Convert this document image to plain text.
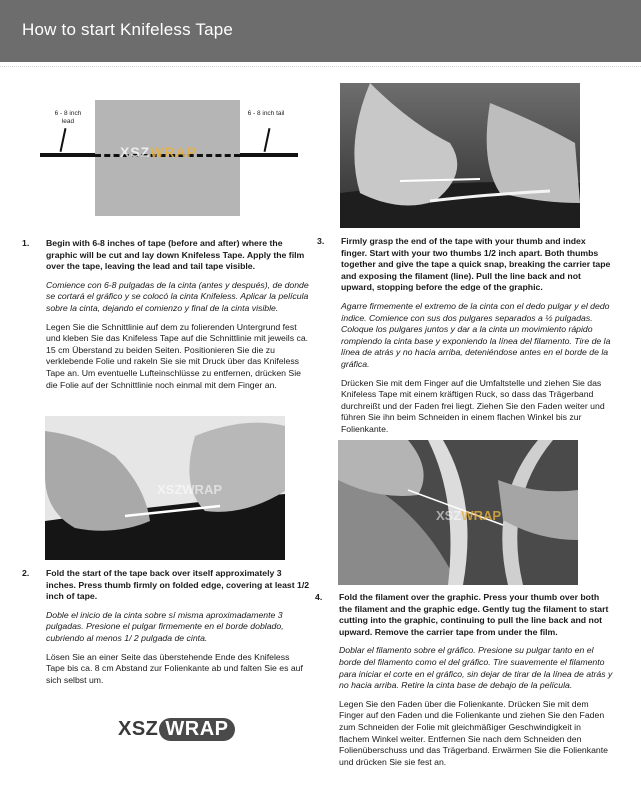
How to start Knifeless Tape
6 - 8 inch lead
6 - 8 inch tail
XSZWRAP
1. Begin with 6-8 inches of tape (before and after) where the graphic will be cut and lay down Knifeless Tape. Apply the film over the tape, leaving the lead and tail tape visible.

Comience con 6-8 pulgadas de la cinta (antes y después), de donde se cortará el gráfico y se colocó la cinta Knifeless. Aplicar la película sobre la cinta, dejando el comienzo y final de la cinta visible.

Legen Sie die Schnittlinie auf dem zu folierenden Untergrund fest und kleben Sie das Knifeless Tape auf die Schnittlinie mit jeweils ca. 15 cm Überstand zu beiden Seiten. Positionieren Sie die zu verklebende Folie und rakeln Sie sie mit Druck über das Knifeless Tape an. Um eventuelle Lufteinschlüsse zu entfernen, drücken Sie die Folie auf der Schnittlinie noch einmal mit dem Finger an.

3. Firmly grasp the end of the tape with your thumb and index finger. Start with your two thumbs 1/2 inch apart. Both thumbs together and give the tape a quick snap, breaking the carrier tape and exposing the filament (line). Pull the line back and not upward, stopping before the edge of the graphic.

Agarre firmemente el extremo de la cinta con el dedo pulgar y el dedo índice. Comience con sus dos pulgares separados a ½ pulgadas. Coloque los pulgares juntos y dar a la cinta un movimiento rápido rompiendo la cinta base y exponiendo la línea del filamento. Tire de la línea de atrás y no hacia arriba, deteniéndose antes en el borde de la gráfica.

Drücken Sie mit dem Finger auf die Umfaltstelle und ziehen Sie das Knifeless Tape mit einem kräftigen Ruck, so dass das Trägerband durchreißt und der Faden frei liegt. Ziehen Sie den Faden weiter und führen Sie ihn beim Schneiden in einem flachen Winkel bis zur Folienkante.

XSZWRAP
XSZWRAP
2. Fold the start of the tape back over itself approximately 3 inches. Press thumb firmly on folded edge, covering at least 1/2 inch of tape.

Doble el inicio de la cinta sobre sí misma aproximadamente 3 pulgadas. Presione el pulgar firmemente en el borde doblado, cubriendo al menos 1/ 2 pulgada de cinta.

Lösen Sie an einer Seite das überstehende Ende des Knifeless Tape bis ca. 8 cm Abstand zur Folienkante ab und falten Sie es auf sich selbst um.

4. Fold the filament over the graphic. Press your thumb over both the filament and the graphic edge. Gently tug the filament to start cutting into the graphic, continuing to pull the line back and not upward. Remove the carrier tape from under the film.

Doblar el filamento sobre el gráfico. Presione su pulgar tanto en el borde del filamento como el del gráfico. Tire suavemente el filamento para iniciar el corte en el gráfico, sin dejar de tirar de la línea de atrás y no hacia arriba. Retire la cinta base de debajo de la película.

Legen Sie den Faden über die Folienkante. Drücken Sie mit dem Finger auf den Faden und die Folienkante und ziehen Sie den Faden zum Schneiden der Folie mit gleichmäßiger Geschwindigkeit in flachem Winkel weiter. Entfernen Sie nach dem Schneiden den Folienüberschuss und das Trägerband. Erwärmen Sie die Folienkante und drücken Sie sie fest an.

XSZ WRAP
